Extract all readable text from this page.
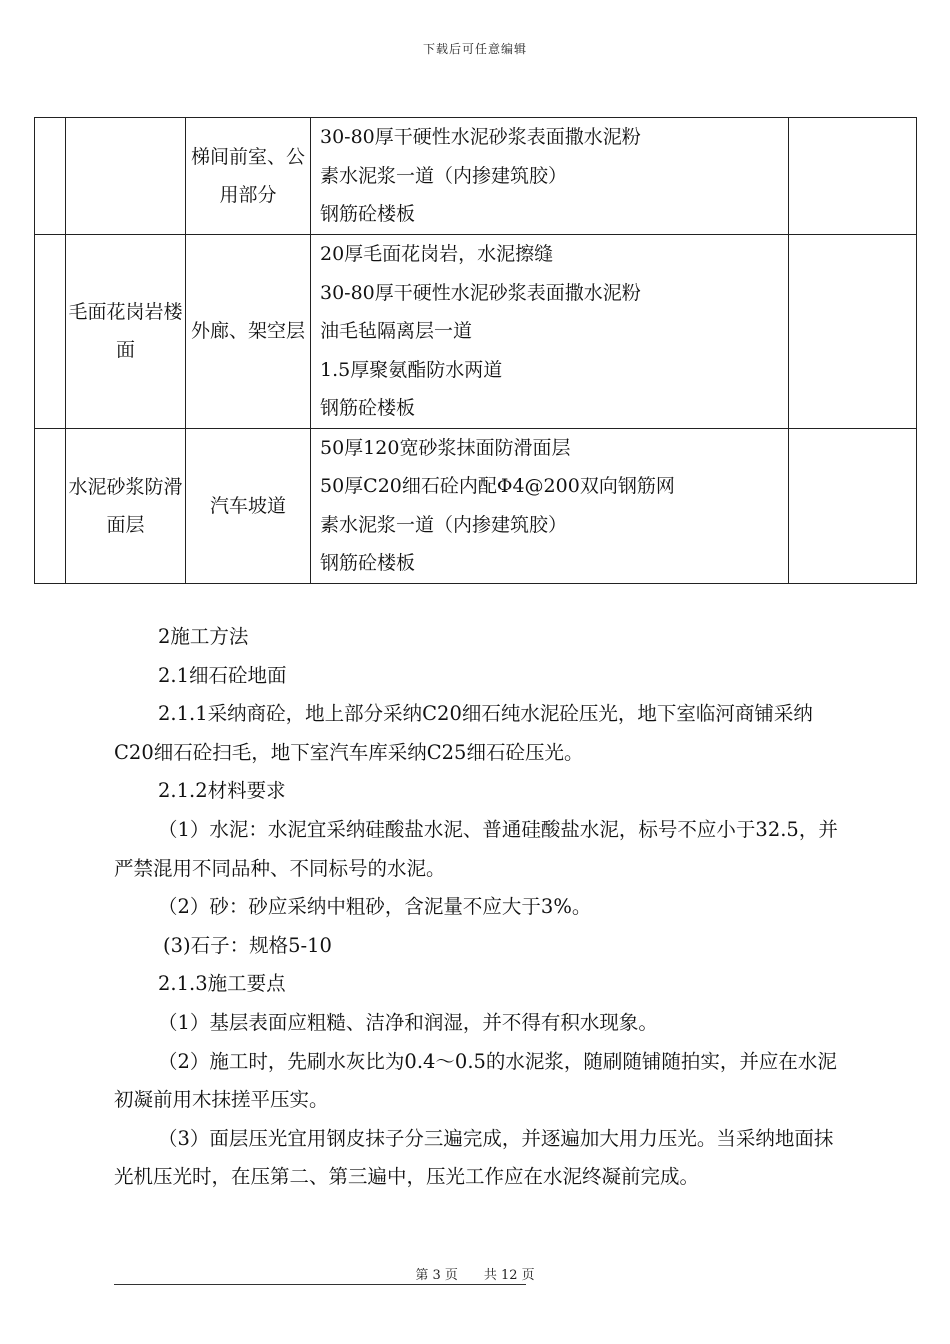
下载后可任意编辑
		梯间前室、公用部分	30-80厚干硬性水泥砂浆表面撒水泥粉
素水泥浆一道（内掺建筑胶）
钢筋砼楼板	

	毛面花岗岩楼面	外廊、架空层	20厚毛面花岗岩，水泥擦缝
30-80厚干硬性水泥砂浆表面撒水泥粉
油毛毡隔离层一道
1.5厚聚氨酯防水两道
钢筋砼楼板	

	水泥砂浆防滑面层	汽车坡道	50厚120宽砂浆抹面防滑面层
50厚C20细石砼内配Φ4@200双向钢筋网
素水泥浆一道（内掺建筑胶）
钢筋砼楼板	

2施工方法

2.1细石砼地面

2.1.1采纳商砼，地上部分采纳C20细石纯水泥砼压光，地下室临河商铺采纳C20细石砼扫毛，地下室汽车库采纳C25细石砼压光。

2.1.2材料要求

（1）水泥：水泥宜采纳硅酸盐水泥、普通硅酸盐水泥，标号不应小于32.5，并严禁混用不同品种、不同标号的水泥。

（2）砂：砂应采纳中粗砂，含泥量不应大于3%。

(3)石子：规格5-10

2.1.3施工要点

（1）基层表面应粗糙、洁净和润湿，并不得有积水现象。

（2）施工时，先刷水灰比为0.4～0.5的水泥浆，随刷随铺随拍实，并应在水泥初凝前用木抹搓平压实。

（3）面层压光宜用钢皮抹子分三遍完成，并逐遍加大用力压光。当采纳地面抹光机压光时，在压第二、第三遍中，压光工作应在水泥终凝前完成。

第 3 页　　共 12 页
